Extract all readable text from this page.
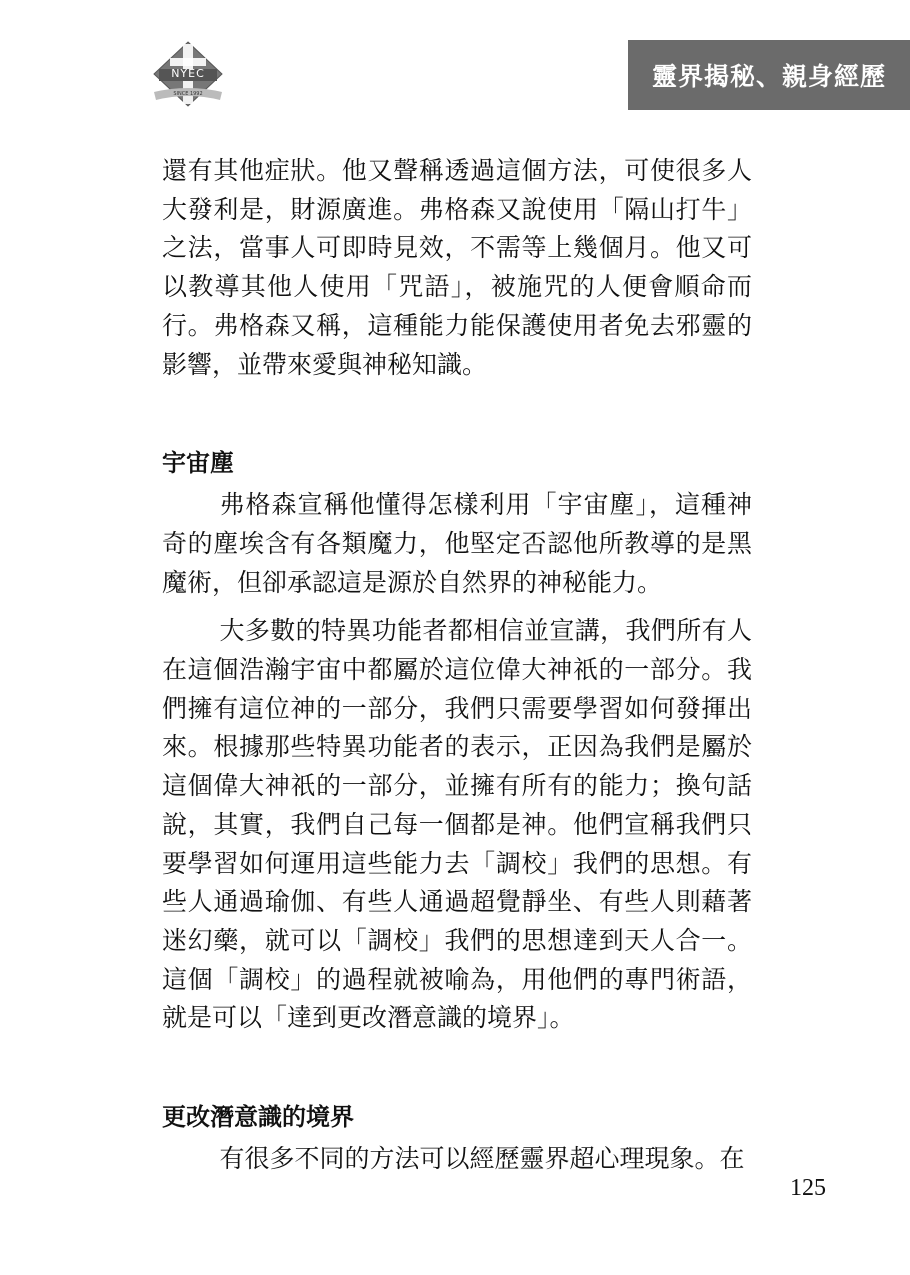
NYEC
SINCE 1992
靈界揭秘、親身經歷

還有其他症狀。他又聲稱透過這個方法，可使很多人大發利是，財源廣進。弗格森又說使用「隔山打牛」之法，當事人可即時見效，不需等上幾個月。他又可以教導其他人使用「咒語」，被施咒的人便會順命而行。弗格森又稱，這種能力能保護使用者免去邪靈的影響，並帶來愛與神秘知識。

宇宙塵

弗格森宣稱他懂得怎樣利用「宇宙塵」，這種神奇的塵埃含有各類魔力，他堅定否認他所教導的是黑魔術，但卻承認這是源於自然界的神秘能力。

大多數的特異功能者都相信並宣講，我們所有人在這個浩瀚宇宙中都屬於這位偉大神祇的一部分。我們擁有這位神的一部分，我們只需要學習如何發揮出來。根據那些特異功能者的表示，正因為我們是屬於這個偉大神祇的一部分，並擁有所有的能力；換句話說，其實，我們自己每一個都是神。他們宣稱我們只要學習如何運用這些能力去「調校」我們的思想。有些人通過瑜伽、有些人通過超覺靜坐、有些人則藉著迷幻藥，就可以「調校」我們的思想達到天人合一。這個「調校」的過程就被喻為，用他們的專門術語，就是可以「達到更改潛意識的境界」。

更改潛意識的境界

有很多不同的方法可以經歷靈界超心理現象。在

125
